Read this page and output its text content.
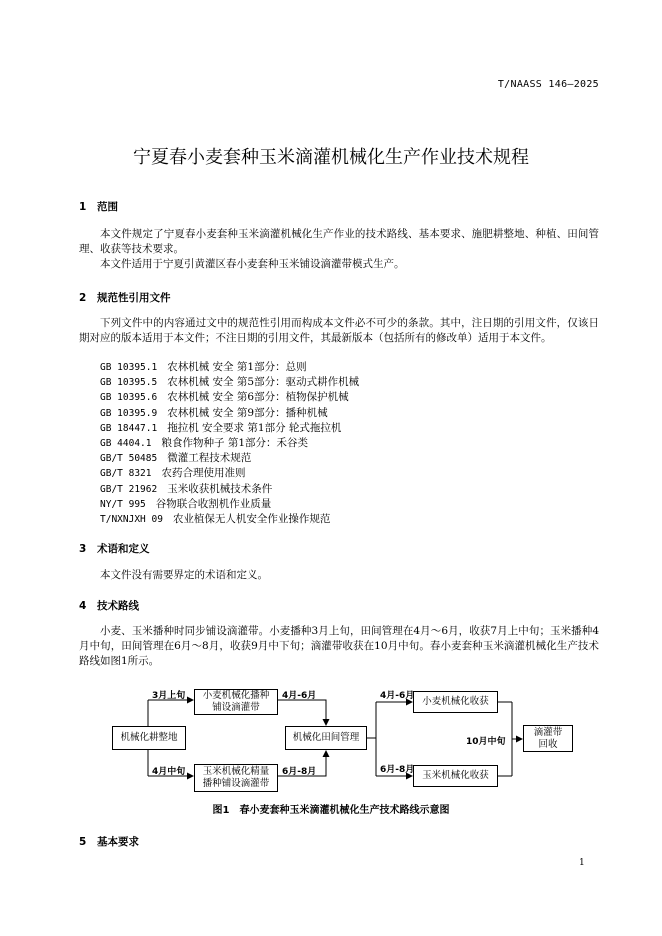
T/NAASS 146—2025
宁夏春小麦套种玉米滴灌机械化生产作业技术规程
1 范围

本文件规定了宁夏春小麦套种玉米滴灌机械化生产作业的技术路线、基本要求、施肥耕整地、种植、田间管理、收获等技术要求。

本文件适用于宁夏引黄灌区春小麦套种玉米铺设滴灌带模式生产。

2 规范性引用文件

下列文件中的内容通过文中的规范性引用而构成本文件必不可少的条款。其中，注日期的引用文件，仅该日期对应的版本适用于本文件；不注日期的引用文件，其最新版本（包括所有的修改单）适用于本文件。

GB 10395.1 农林机械 安全 第1部分：总则
GB 10395.5 农林机械 安全 第5部分：驱动式耕作机械
GB 10395.6 农林机械 安全 第6部分：植物保护机械
GB 10395.9 农林机械 安全 第9部分：播种机械
GB 18447.1 拖拉机 安全要求 第1部分 轮式拖拉机
GB 4404.1 粮食作物种子 第1部分：禾谷类
GB/T 50485 微灌工程技术规范
GB/T 8321 农药合理使用准则
GB/T 21962 玉米收获机械技术条件
NY/T 995 谷物联合收割机作业质量
T/NXNJXH 09 农业植保无人机安全作业操作规范
3 术语和定义

本文件没有需要界定的术语和定义。

4 技术路线

小麦、玉米播种时同步铺设滴灌带。小麦播种3月上旬，田间管理在4月～6月，收获7月上中旬；玉米播种4月中旬，田间管理在6月～8月，收获9月中下旬；滴灌带收获在10月中旬。春小麦套种玉米滴灌机械化生产技术路线如图1所示。

机械化耕整地
小麦机械化播种铺设滴灌带
玉米机械化精量播种铺设滴灌带
机械化田间管理
小麦机械化收获
玉米机械化收获
滴灌带回收
3月上旬
4月中旬
4月-6月
6月-8月
4月-6月
6月-8月
10月中旬
图1　春小麦套种玉米滴灌机械化生产技术路线示意图
5 基本要求
1
